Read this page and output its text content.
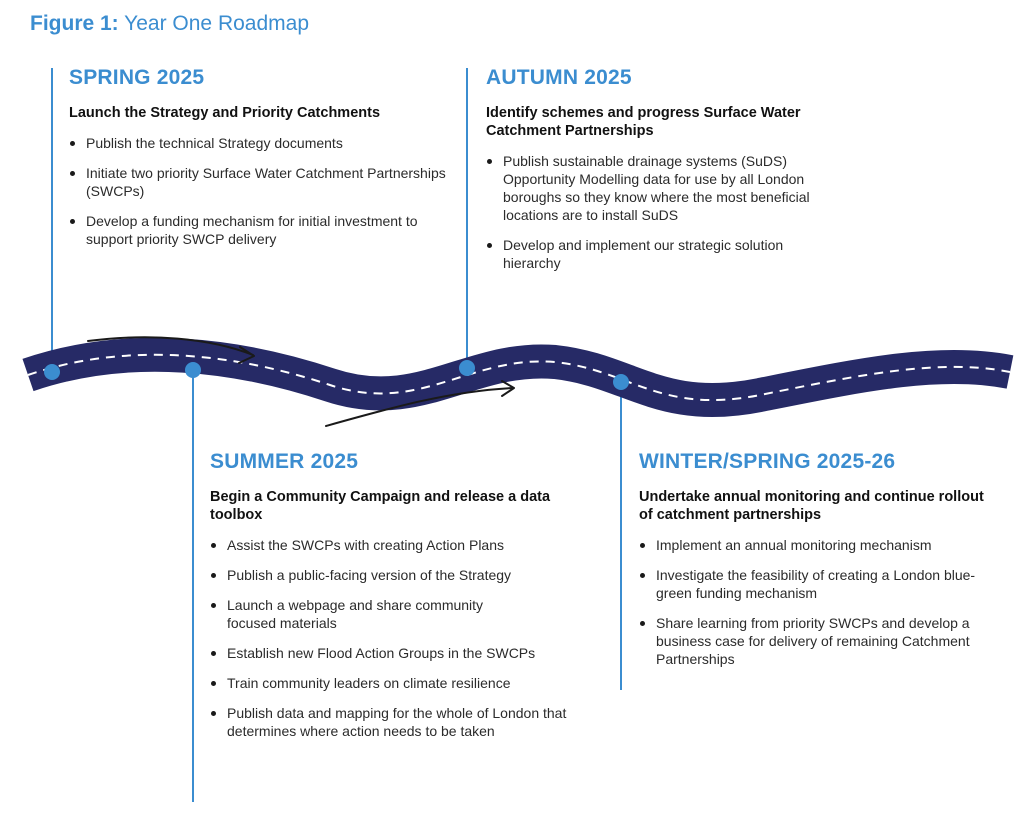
Figure 1: Year One Roadmap
SPRING 2025
Launch the Strategy and Priority Catchments
Publish the technical Strategy documents
Initiate two priority Surface Water Catchment Partnerships (SWCPs)
Develop a funding mechanism for initial investment to support priority SWCP delivery
AUTUMN 2025
Identify schemes and progress Surface Water Catchment Partnerships
Publish sustainable drainage systems (SuDS) Opportunity Modelling data for use by all London boroughs so they know where the most beneficial locations are to install SuDS
Develop and implement our strategic solution hierarchy
SUMMER 2025
Begin a Community Campaign and release a data toolbox
Assist the SWCPs with creating Action Plans
Publish a public-facing version of the Strategy
Launch a webpage and share community focused materials
Establish new Flood Action Groups in the SWCPs
Train community leaders on climate resilience
Publish data and mapping for the whole of London that determines where action needs to be taken
WINTER/SPRING 2025-26
Undertake annual monitoring and continue rollout of catchment partnerships
Implement an annual monitoring mechanism
Investigate the feasibility of creating a London blue-green funding mechanism
Share learning from priority SWCPs and develop a business case for delivery of remaining Catchment Partnerships
